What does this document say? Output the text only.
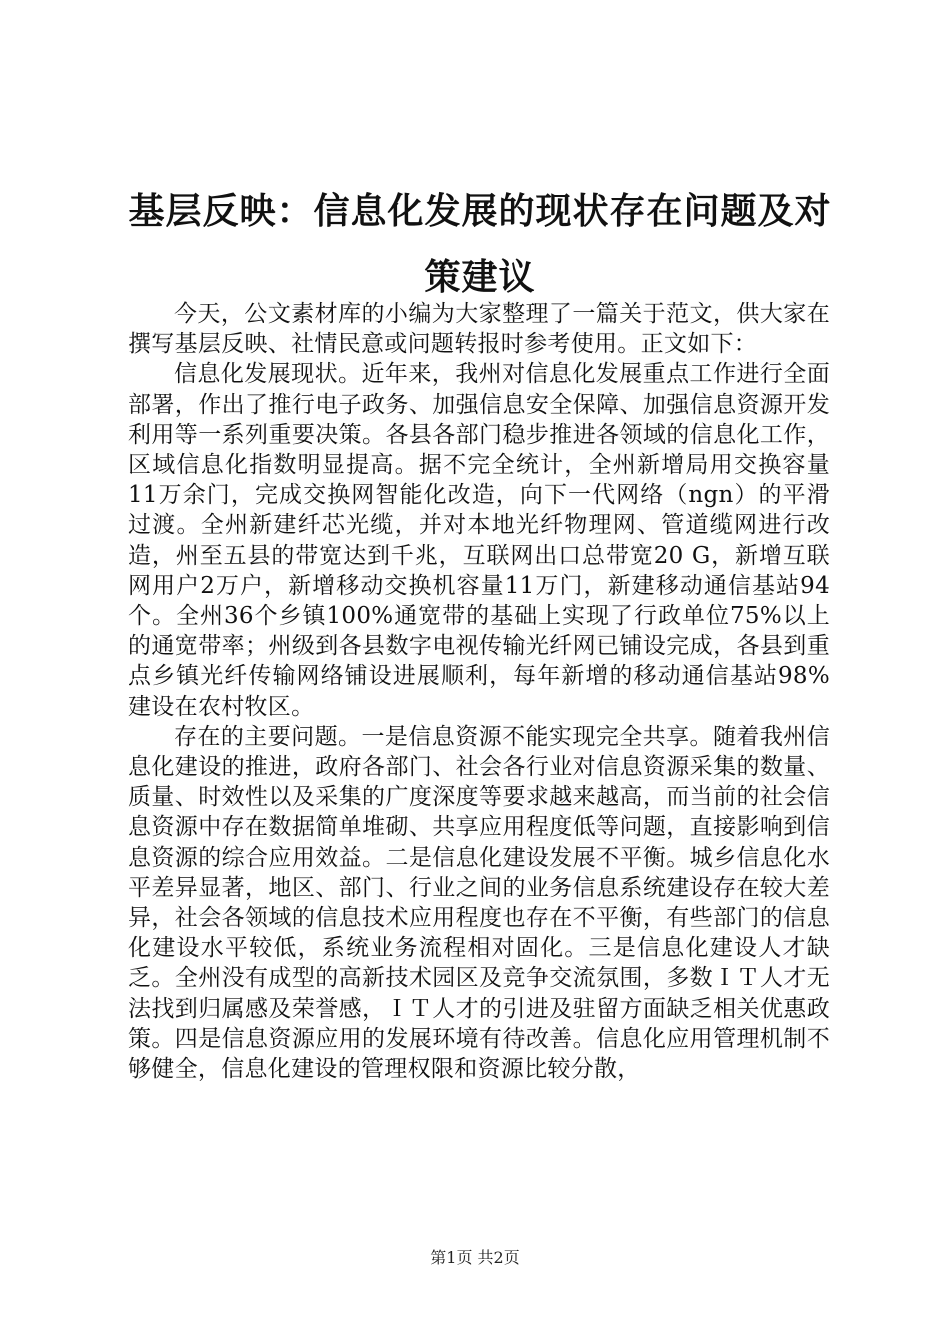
基层反映：信息化发展的现状存在问题及对策建议

今天，公文素材库的小编为大家整理了一篇关于范文，供大家在撰写基层反映、社情民意或问题转报时参考使用。正文如下：

信息化发展现状。近年来，我州对信息化发展重点工作进行全面部署，作出了推行电子政务、加强信息安全保障、加强信息资源开发利用等一系列重要决策。各县各部门稳步推进各领域的信息化工作，区域信息化指数明显提高。据不完全统计，全州新增局用交换容量11万余门，完成交换网智能化改造，向下一代网络（ngn）的平滑过渡。全州新建纤芯光缆，并对本地光纤物理网、管道缆网进行改造，州至五县的带宽达到千兆，互联网出口总带宽20 G，新增互联网用户2万户，新增移动交换机容量11万门，新建移动通信基站94个。全州36个乡镇100%通宽带的基础上实现了行政单位75%以上的通宽带率；州级到各县数字电视传输光纤网已铺设完成，各县到重点乡镇光纤传输网络铺设进展顺利，每年新增的移动通信基站98%建设在农村牧区。

存在的主要问题。一是信息资源不能实现完全共享。随着我州信息化建设的推进，政府各部门、社会各行业对信息资源采集的数量、质量、时效性以及采集的广度深度等要求越来越高，而当前的社会信息资源中存在数据简单堆砌、共享应用程度低等问题，直接影响到信息资源的综合应用效益。二是信息化建设发展不平衡。城乡信息化水平差异显著，地区、部门、行业之间的业务信息系统建设存在较大差异，社会各领域的信息技术应用程度也存在不平衡，有些部门的信息化建设水平较低，系统业务流程相对固化。三是信息化建设人才缺乏。全州没有成型的高新技术园区及竞争交流氛围，多数ＩＴ人才无法找到归属感及荣誉感，ＩＴ人才的引进及驻留方面缺乏相关优惠政策。四是信息资源应用的发展环境有待改善。信息化应用管理机制不够健全，信息化建设的管理权限和资源比较分散，

第1页 共2页
